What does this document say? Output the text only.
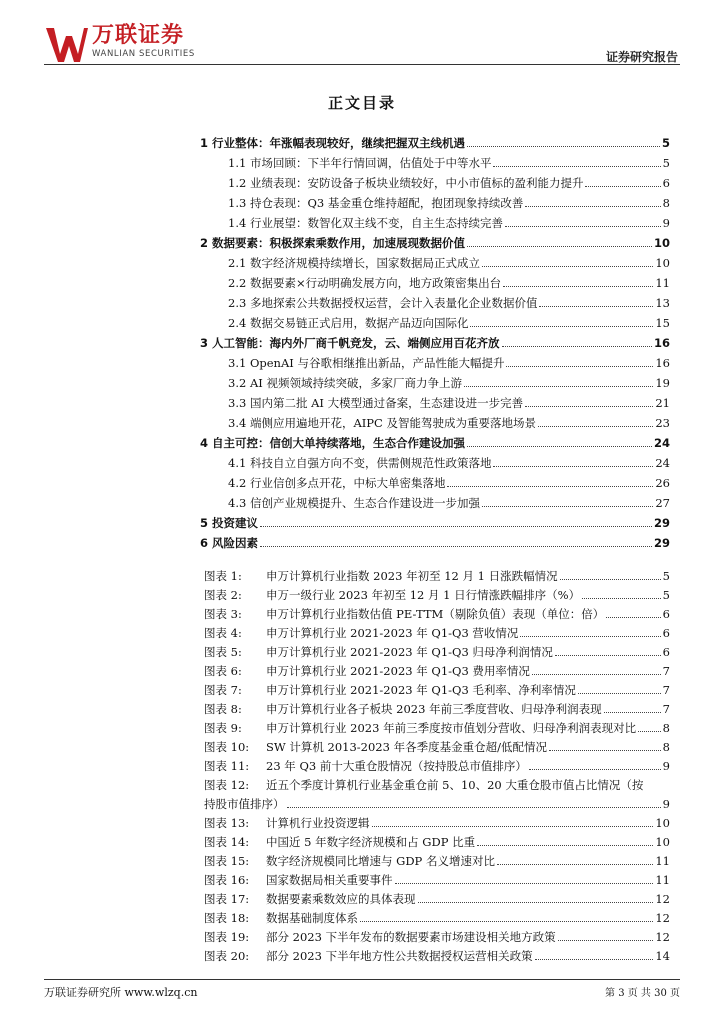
万联证券
WANLIAN SECURITIES	证券研究报告
正文目录
1 行业整体：年涨幅表现较好，继续把握双主线机遇	5
1.1 市场回顾：下半年行情回调，估值处于中等水平	5
1.2 业绩表现：安防设备子板块业绩较好，中小市值标的盈利能力提升	6
1.3 持仓表现：Q3 基金重仓维持超配，抱团现象持续改善	8
1.4 行业展望：数智化双主线不变，自主生态持续完善	9
2 数据要素：积极探索乘数作用，加速展现数据价值	10
2.1 数字经济规模持续增长，国家数据局正式成立	10
2.2 数据要素×行动明确发展方向，地方政策密集出台	11
2.3 多地探索公共数据授权运营，会计入表量化企业数据价值	13
2.4 数据交易链正式启用，数据产品迈向国际化	15
3 人工智能：海内外厂商千帆竞发，云、端侧应用百花齐放	16
3.1 OpenAI 与谷歌相继推出新品，产品性能大幅提升	16
3.2 AI 视频领域持续突破，多家厂商力争上游	19
3.3 国内第二批 AI 大模型通过备案，生态建设进一步完善	21
3.4 端侧应用遍地开花，AIPC 及智能驾驶成为重要落地场景	23
4 自主可控：信创大单持续落地，生态合作建设加强	24
4.1 科技自立自强方向不变，供需侧规范性政策落地	24
4.2 行业信创多点开花，中标大单密集落地	26
4.3 信创产业规模提升、生态合作建设进一步加强	27
5 投资建议	29
6 风险因素	29
图表 1:	申万计算机行业指数 2023 年初至 12 月 1 日涨跌幅情况	5
图表 2:	申万一级行业 2023 年初至 12 月 1 日行情涨跌幅排序（%）	5
图表 3:	申万计算机行业指数估值 PE-TTM（剔除负值）表现（单位：倍）	6
图表 4:	申万计算机行业 2021-2023 年 Q1-Q3 营收情况	6
图表 5:	申万计算机行业 2021-2023 年 Q1-Q3 归母净利润情况	6
图表 6:	申万计算机行业 2021-2023 年 Q1-Q3 费用率情况	7
图表 7:	申万计算机行业 2021-2023 年 Q1-Q3 毛利率、净利率情况	7
图表 8:	申万计算机行业各子板块 2023 年前三季度营收、归母净利润表现	7
图表 9:	申万计算机行业 2023 年前三季度按市值划分营收、归母净利润表现对比 8
图表 10:	SW 计算机 2013-2023 年各季度基金重仓超/低配情况	8
图表 11:	23 年 Q3 前十大重仓股情况（按持股总市值排序）	9
图表 12:	近五个季度计算机行业基金重仓前 5、10、20 大重仓股市值占比情况（按
持股市值排序）	9
图表 13:	计算机行业投资逻辑	10
图表 14:	中国近 5 年数字经济规模和占 GDP 比重	10
图表 15:	数字经济规模同比增速与 GDP 名义增速对比	11
图表 16:	国家数据局相关重要事件	11
图表 17:	数据要素乘数效应的具体表现	12
图表 18:	数据基础制度体系	12
图表 19:	部分 2023 下半年发布的数据要素市场建设相关地方政策	12
图表 20:	部分 2023 下半年地方性公共数据授权运营相关政策	14
万联证券研究所 www.wlzq.cn	第 3 页 共 30 页
